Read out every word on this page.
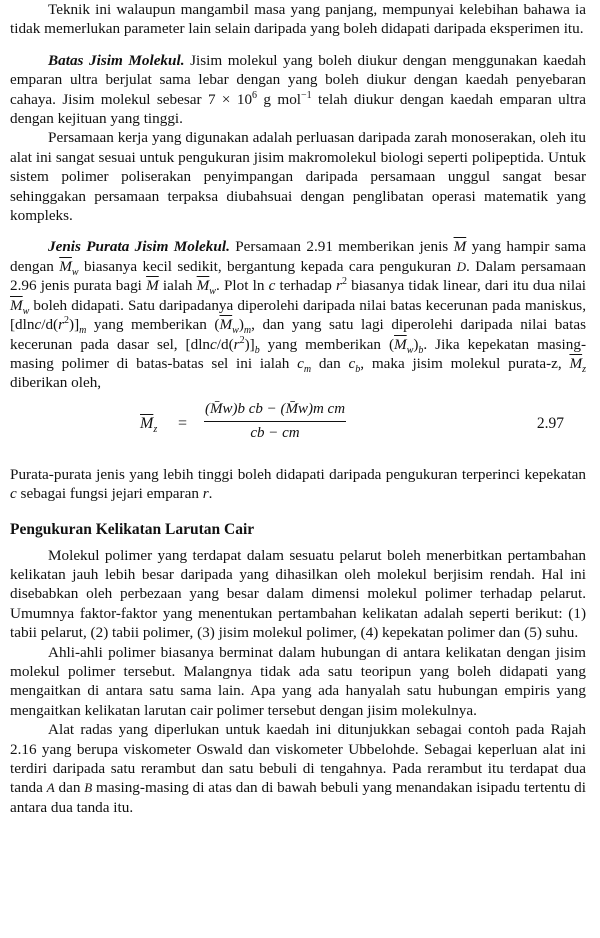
Teknik ini walaupun mangambil masa yang panjang, mempunyai kelebihan bahawa ia tidak memerlukan parameter lain selain daripada yang boleh didapati daripada eksperimen itu.

Batas Jisim Molekul. Jisim molekul yang boleh diukur dengan menggunakan kaedah emparan ultra berjulat sama lebar dengan yang boleh diukur dengan kaedah penyebaran cahaya. Jisim molekul sebesar $7 \times 10^6$ g mol$^{-1}$ telah diukur dengan kaedah emparan ultra dengan kejituan yang tinggi.

Persamaan kerja yang digunakan adalah perluasan daripada zarah monoserakan, oleh itu alat ini sangat sesuai untuk pengukuran jisim makromolekul biologi seperti polipeptida. Untuk sistem polimer poliserakan penyimpangan daripada persamaan unggul sangat besar sehinggakan persamaan terpaksa diubahsuai dengan penglibatan operasi matematik yang kompleks.

Jenis Purata Jisim Molekul. Persamaan 2.91 memberikan jenis $\overline{M}$ yang hampir sama dengan $\overline{M}_w$ biasanya kecil sedikit, bergantung kepada cara pengukuran D. Dalam persamaan 2.96 jenis purata bagi $\overline{M}$ ialah $\overline{M}_w$. Plot ln c terhadap $r^2$ biasanya tidak linear, dari itu dua nilai $\overline{M}_w$ boleh didapati. Satu daripadanya diperolehi daripada nilai batas kecerunan pada maniskus, $[dlnc/d(r^2)]_m$ yang memberikan $(\overline{M}_w)_m$, dan yang satu lagi diperolehi daripada nilai batas kecerunan pada dasar sel, $[dlnc/d(r^2)]_b$ yang memberikan $(\overline{M}_w)_b$. Jika kepekatan masing-masing polimer di batas-batas sel ini ialah $c_m$ dan $c_b$, maka jisim molekul purata-z, $\overline{M}_z$ diberikan oleh,

$\overline{M}_z$ =
(M̄w)b cb − (M̄w)m cm
cb − cm
2.97

Purata-purata jenis yang lebih tinggi boleh didapati daripada pengukuran terperinci kepekatan c sebagai fungsi jejari emparan r.

Pengukuran Kelikatan Larutan Cair

Molekul polimer yang terdapat dalam sesuatu pelarut boleh menerbitkan pertambahan kelikatan jauh lebih besar daripada yang dihasilkan oleh molekul berjisim rendah. Hal ini disebabkan oleh perbezaan yang besar dalam dimensi molekul polimer terhadap pelarut. Umumnya faktor-faktor yang menentukan pertambahan kelikatan adalah seperti berikut: (1) tabii pelarut, (2) tabii polimer, (3) jisim molekul polimer, (4) kepekatan polimer dan (5) suhu.

Ahli-ahli polimer biasanya berminat dalam hubungan di antara kelikatan dengan jisim molekul polimer tersebut. Malangnya tidak ada satu teoripun yang boleh didapati yang mengaitkan di antara satu sama lain. Apa yang ada hanyalah satu hubungan empiris yang mengaitkan kelikatan larutan cair polimer tersebut dengan jisim molekulnya.

Alat radas yang diperlukan untuk kaedah ini ditunjukkan sebagai contoh pada Rajah 2.16 yang berupa viskometer Oswald dan viskometer Ubbelohde. Sebagai keperluan alat ini terdiri daripada satu rerambut dan satu bebuli di tengahnya. Pada rerambut itu terdapat dua tanda A dan B masing-masing di atas dan di bawah bebuli yang menandakan isipadu tertentu di antara dua tanda itu.
